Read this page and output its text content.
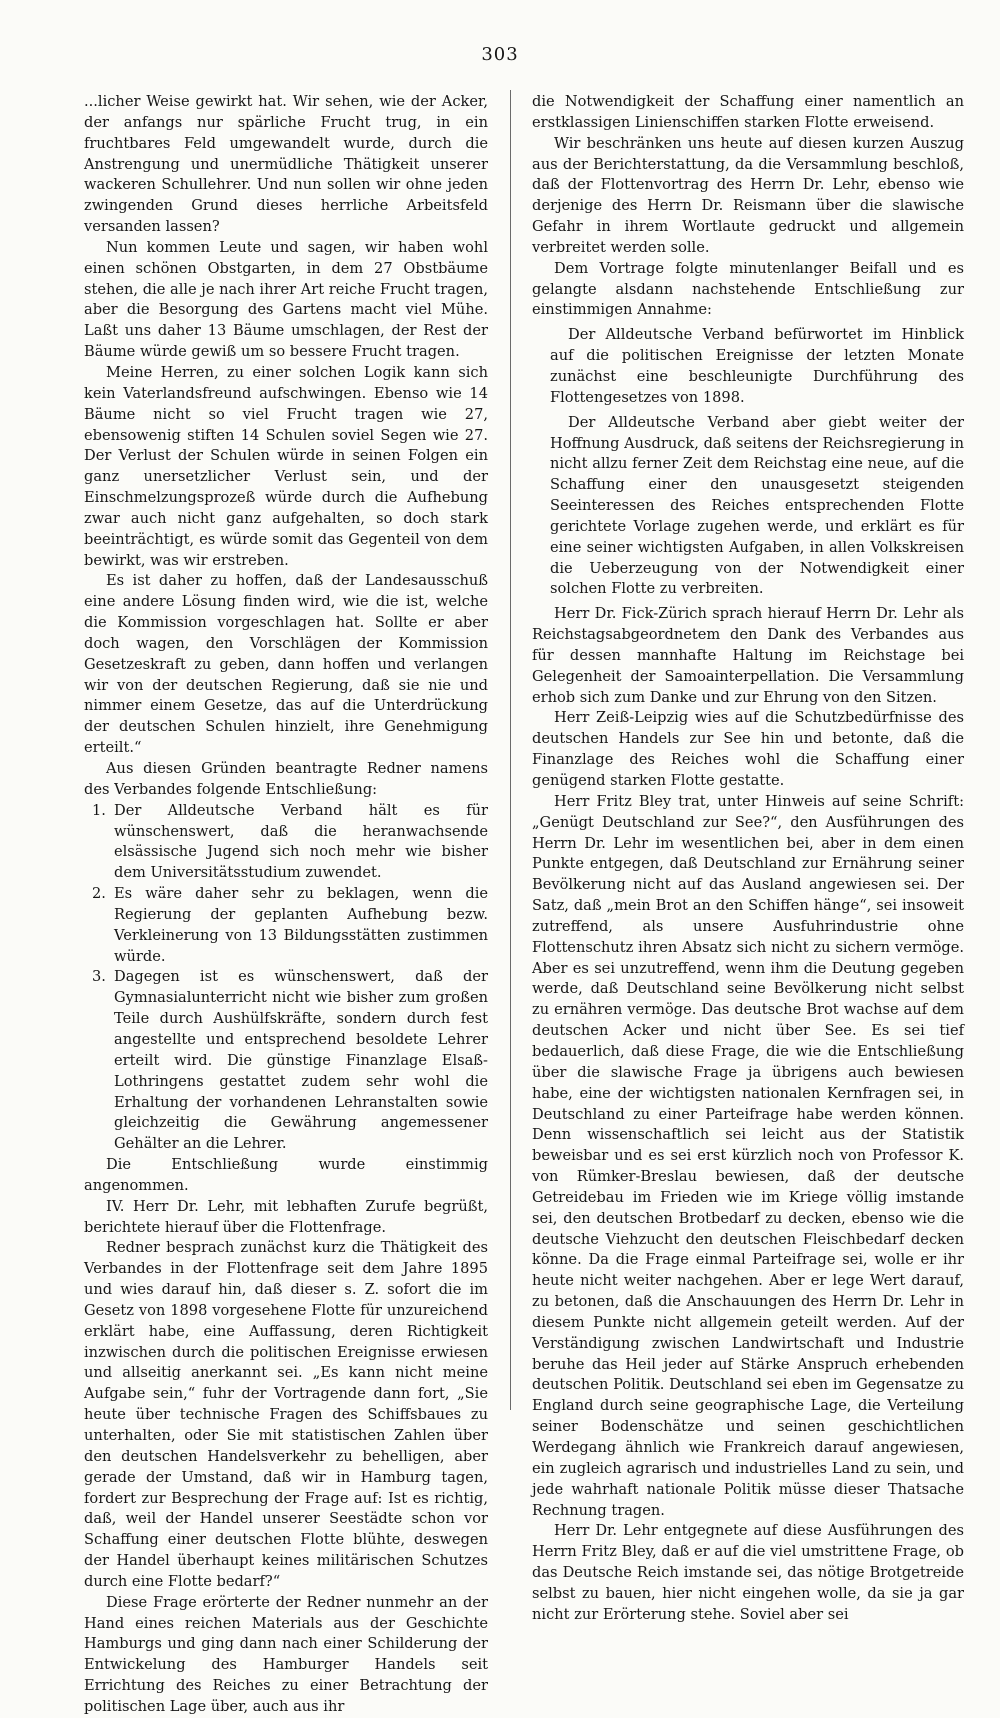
303

...licher Weise gewirkt hat. Wir sehen, wie der Acker, der anfangs nur spärliche Frucht trug, in ein fruchtbares Feld umgewandelt wurde, durch die Anstrengung und unermüdliche Thätigkeit unserer wackeren Schullehrer. Und nun sollen wir ohne jeden zwingenden Grund dieses herrliche Arbeitsfeld versanden lassen?

Nun kommen Leute und sagen, wir haben wohl einen schönen Obstgarten, in dem 27 Obstbäume stehen, die alle je nach ihrer Art reiche Frucht tragen, aber die Besorgung des Gartens macht viel Mühe. Laßt uns daher 13 Bäume umschlagen, der Rest der Bäume würde gewiß um so bessere Frucht tragen.

Meine Herren, zu einer solchen Logik kann sich kein Vaterlandsfreund aufschwingen. Ebenso wie 14 Bäume nicht so viel Frucht tragen wie 27, ebensowenig stiften 14 Schulen soviel Segen wie 27. Der Verlust der Schulen würde in seinen Folgen ein ganz unersetzlicher Verlust sein, und der Einschmelzungsprozeß würde durch die Aufhebung zwar auch nicht ganz aufgehalten, so doch stark beeinträchtigt, es würde somit das Gegenteil von dem bewirkt, was wir erstreben.

Es ist daher zu hoffen, daß der Landesausschuß eine andere Lösung finden wird, wie die ist, welche die Kommission vorgeschlagen hat. Sollte er aber doch wagen, den Vorschlägen der Kommission Gesetzeskraft zu geben, dann hoffen und verlangen wir von der deutschen Regierung, daß sie nie und nimmer einem Gesetze, das auf die Unterdrückung der deutschen Schulen hinzielt, ihre Genehmigung erteilt.“

Aus diesen Gründen beantragte Redner namens des Verbandes folgende Entschließung:

1. Der Alldeutsche Verband hält es für wünschenswert, daß die heranwachsende elsässische Jugend sich noch mehr wie bisher dem Universitätsstudium zuwendet.
2. Es wäre daher sehr zu beklagen, wenn die Regierung der geplanten Aufhebung bezw. Verkleinerung von 13 Bildungsstätten zustimmen würde.
3. Dagegen ist es wünschenswert, daß der Gymnasialunterricht nicht wie bisher zum großen Teile durch Aushülfskräfte, sondern durch fest angestellte und entsprechend besoldete Lehrer erteilt wird. Die günstige Finanzlage Elsaß-Lothringens gestattet zudem sehr wohl die Erhaltung der vorhandenen Lehranstalten sowie gleichzeitig die Gewährung angemessener Gehälter an die Lehrer.

Die Entschließung wurde einstimmig angenommen.

IV. Herr Dr. Lehr, mit lebhaften Zurufe begrüßt, berichtete hierauf über die Flottenfrage.

Redner besprach zunächst kurz die Thätigkeit des Verbandes in der Flottenfrage seit dem Jahre 1895 und wies darauf hin, daß dieser s. Z. sofort die im Gesetz von 1898 vorgesehene Flotte für unzureichend erklärt habe, eine Auffassung, deren Richtigkeit inzwischen durch die politischen Ereignisse erwiesen und allseitig anerkannt sei. „Es kann nicht meine Aufgabe sein,“ fuhr der Vortragende dann fort, „Sie heute über technische Fragen des Schiffsbaues zu unterhalten, oder Sie mit statistischen Zahlen über den deutschen Handelsverkehr zu behelligen, aber gerade der Umstand, daß wir in Hamburg tagen, fordert zur Besprechung der Frage auf: Ist es richtig, daß, weil der Handel unserer Seestädte schon vor Schaffung einer deutschen Flotte blühte, deswegen der Handel überhaupt keines militärischen Schutzes durch eine Flotte bedarf?“

Diese Frage erörterte der Redner nunmehr an der Hand eines reichen Materials aus der Geschichte Hamburgs und ging dann nach einer Schilderung der Entwickelung des Hamburger Handels seit Errichtung des Reiches zu einer Betrachtung der politischen Lage über, auch aus ihr

die Notwendigkeit der Schaffung einer namentlich an erstklassigen Linienschiffen starken Flotte erweisend.

Wir beschränken uns heute auf diesen kurzen Auszug aus der Berichterstattung, da die Versammlung beschloß, daß der Flottenvortrag des Herrn Dr. Lehr, ebenso wie derjenige des Herrn Dr. Reismann über die slawische Gefahr in ihrem Wortlaute gedruckt und allgemein verbreitet werden solle.

Dem Vortrage folgte minutenlanger Beifall und es gelangte alsdann nachstehende Entschließung zur einstimmigen Annahme:

Der Alldeutsche Verband befürwortet im Hinblick auf die politischen Ereignisse der letzten Monate zunächst eine beschleunigte Durchführung des Flottengesetzes von 1898.

Der Alldeutsche Verband aber giebt weiter der Hoffnung Ausdruck, daß seitens der Reichsregierung in nicht allzu ferner Zeit dem Reichstag eine neue, auf die Schaffung einer den unausgesetzt steigenden Seeinteressen des Reiches entsprechenden Flotte gerichtete Vorlage zugehen werde, und erklärt es für eine seiner wichtigsten Aufgaben, in allen Volkskreisen die Ueberzeugung von der Notwendigkeit einer solchen Flotte zu verbreiten.

Herr Dr. Fick-Zürich sprach hierauf Herrn Dr. Lehr als Reichstagsabgeordnetem den Dank des Verbandes aus für dessen mannhafte Haltung im Reichstage bei Gelegenheit der Samoainterpellation. Die Versammlung erhob sich zum Danke und zur Ehrung von den Sitzen.

Herr Zeiß-Leipzig wies auf die Schutzbedürfnisse des deutschen Handels zur See hin und betonte, daß die Finanzlage des Reiches wohl die Schaffung einer genügend starken Flotte gestatte.

Herr Fritz Bley trat, unter Hinweis auf seine Schrift: „Genügt Deutschland zur See?“, den Ausführungen des Herrn Dr. Lehr im wesentlichen bei, aber in dem einen Punkte entgegen, daß Deutschland zur Ernährung seiner Bevölkerung nicht auf das Ausland angewiesen sei. Der Satz, daß „mein Brot an den Schiffen hänge“, sei insoweit zutreffend, als unsere Ausfuhrindustrie ohne Flottenschutz ihren Absatz sich nicht zu sichern vermöge. Aber es sei unzutreffend, wenn ihm die Deutung gegeben werde, daß Deutschland seine Bevölkerung nicht selbst zu ernähren vermöge. Das deutsche Brot wachse auf dem deutschen Acker und nicht über See. Es sei tief bedauerlich, daß diese Frage, die wie die Entschließung über die slawische Frage ja übrigens auch bewiesen habe, eine der wichtigsten nationalen Kernfragen sei, in Deutschland zu einer Parteifrage habe werden können. Denn wissenschaftlich sei leicht aus der Statistik beweisbar und es sei erst kürzlich noch von Professor K. von Rümker-Breslau bewiesen, daß der deutsche Getreidebau im Frieden wie im Kriege völlig imstande sei, den deutschen Brotbedarf zu decken, ebenso wie die deutsche Viehzucht den deutschen Fleischbedarf decken könne. Da die Frage einmal Parteifrage sei, wolle er ihr heute nicht weiter nachgehen. Aber er lege Wert darauf, zu betonen, daß die Anschauungen des Herrn Dr. Lehr in diesem Punkte nicht allgemein geteilt werden. Auf der Verständigung zwischen Landwirtschaft und Industrie beruhe das Heil jeder auf Stärke Anspruch erhebenden deutschen Politik. Deutschland sei eben im Gegensatze zu England durch seine geographische Lage, die Verteilung seiner Bodenschätze und seinen geschichtlichen Werdegang ähnlich wie Frankreich darauf angewiesen, ein zugleich agrarisch und industrielles Land zu sein, und jede wahrhaft nationale Politik müsse dieser Thatsache Rechnung tragen.

Herr Dr. Lehr entgegnete auf diese Ausführungen des Herrn Fritz Bley, daß er auf die viel umstrittene Frage, ob das Deutsche Reich imstande sei, das nötige Brotgetreide selbst zu bauen, hier nicht eingehen wolle, da sie ja gar nicht zur Erörterung stehe. Soviel aber sei
